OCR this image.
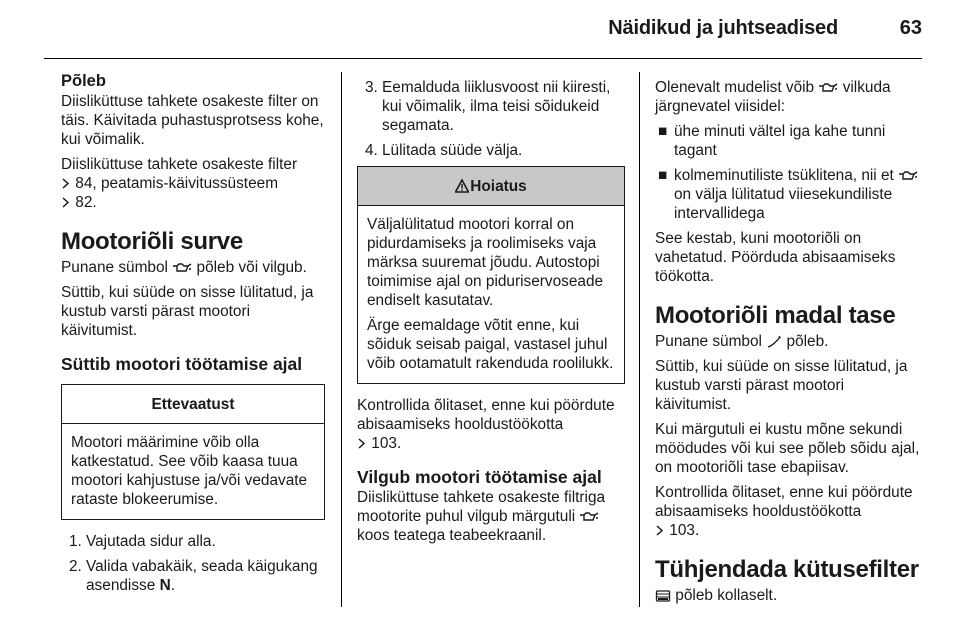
Näidikud ja juhtseadised	63
Põleb

Diisliküttuse tahkete osakeste filter on täis. Käivitada puhastusprotsess kohe, kui võimalik.

Diisliküttuse tahkete osakeste filter
84, peatamis-käivitussüsteem
82.

Mootoriõli surve

Punane sümbol põleb või vilgub.

Süttib, kui süüde on sisse lülitatud, ja kustub varsti pärast mootori käivitumist.

Süttib mootori töötamise ajal
Ettevaatust

Mootori määrimine võib olla katkestatud. See võib kaasa tuua mootori kahjustuse ja/või vedavate rataste blokeerumise.

1. Vajutada sidur alla.
2. Valida vabakäik, seada käigukang asendisse N.
3. Eemalduda liiklusvoost nii kiiresti, kui võimalik, ilma teisi sõidukeid segamata.
4. Lülitada süüde välja.
Hoiatus

Väljalülitatud mootori korral on pidurdamiseks ja roolimiseks vaja märksa suuremat jõudu. Autostopi toimimise ajal on piduriservoseade endiselt kasutatav.

Ärge eemaldage võtit enne, kui sõiduk seisab paigal, vastasel juhul võib ootamatult rakenduda roolilukk.

Kontrollida õlitaset, enne kui pöördute abisaamiseks hooldustöökotta
103.

Vilgub mootori töötamise ajal

Diisliküttuse tahkete osakeste filtriga mootorite puhul vilgub märgutuli  koos teatega teabeekraanil.

Olenevalt mudelist võib vilkuda järgnevatel viisidel:

■ ühe minuti vältel iga kahe tunni tagant
■ kolmeminutiliste tsüklitena, nii et  on välja lülitatud viiesekundiliste intervallidega

See kestab, kuni mootoriõli on vahetatud. Pöörduda abisaamiseks töökotta.

Mootoriõli madal tase

Punane sümbol põleb.

Süttib, kui süüde on sisse lülitatud, ja kustub varsti pärast mootori käivitumist.

Kui märgutuli ei kustu mõne sekundi möödudes või kui see põleb sõidu ajal, on mootoriõli tase ebapiisav.

Kontrollida õlitaset, enne kui pöördute abisaamiseks hooldustöökotta
103.

Tühjendada kütusefilter

põleb kollaselt.
